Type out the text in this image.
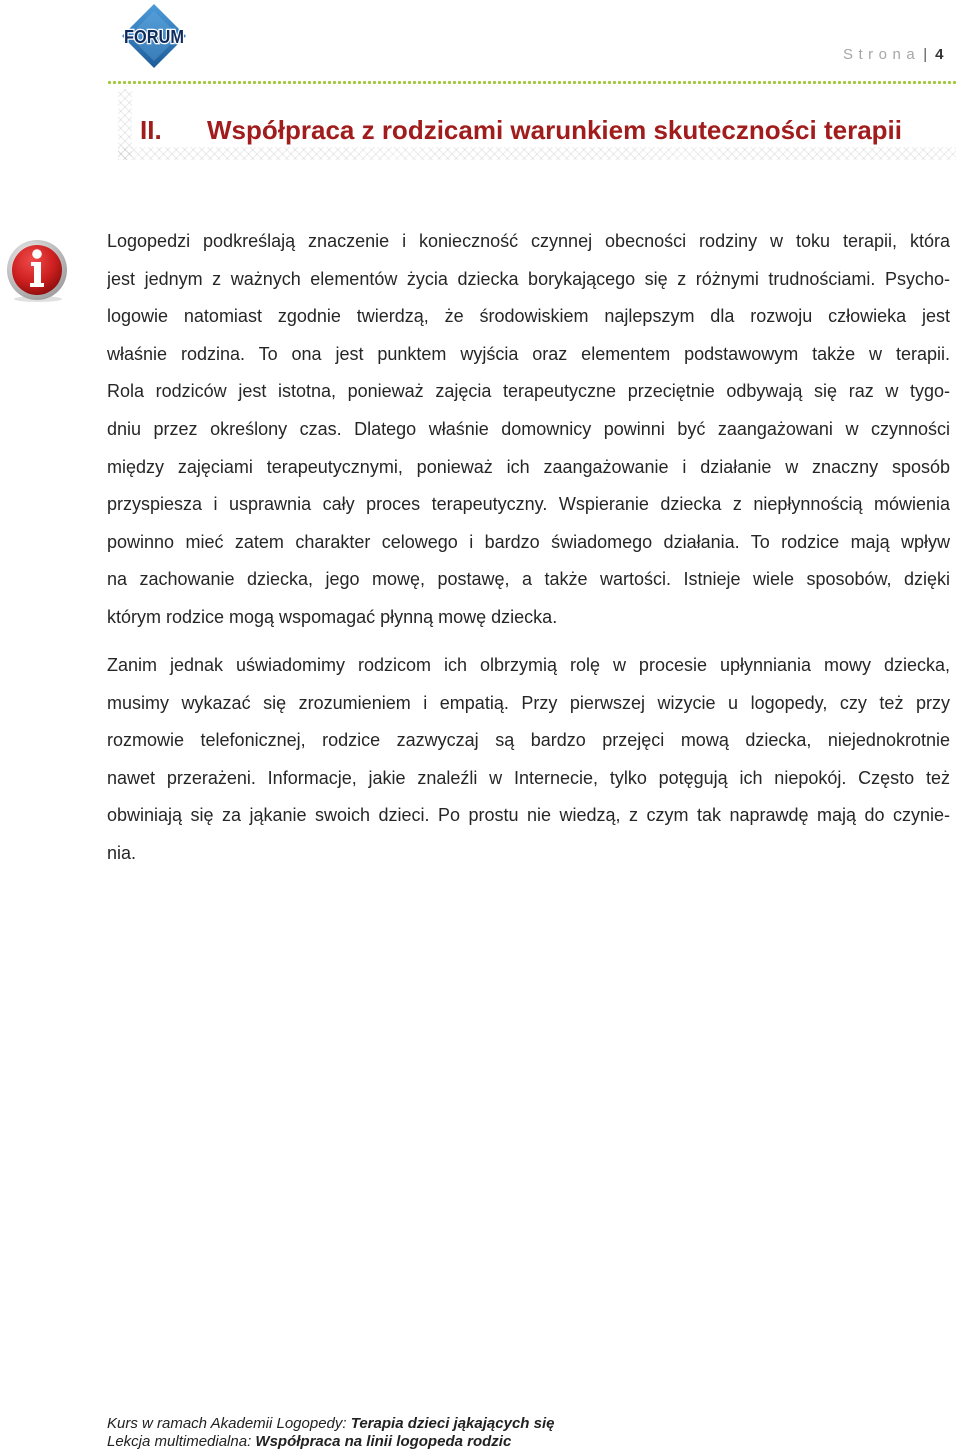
FORUM
Strona | 4
II. Współpraca z rodzicami warunkiem skuteczności terapii
Logopedzi podkreślają znaczenie i konieczność czynnej obecności rodziny w toku terapii, która
jest jednym z ważnych elementów życia dziecka borykającego się z różnymi trudnościami. Psycho-
logowie natomiast zgodnie twierdzą, że środowiskiem najlepszym dla rozwoju człowieka jest
właśnie rodzina. To ona jest punktem wyjścia oraz elementem podstawowym także w terapii.
Rola rodziców jest istotna, ponieważ zajęcia terapeutyczne przeciętnie odbywają się raz w tygo-
dniu przez określony czas. Dlatego właśnie domownicy powinni być zaangażowani w czynności
między zajęciami terapeutycznymi, ponieważ ich zaangażowanie i działanie w znaczny sposób
przyspiesza i usprawnia cały proces terapeutyczny. Wspieranie dziecka z niepłynnością mówienia
powinno mieć zatem charakter celowego i bardzo świadomego działania. To rodzice mają wpływ
na zachowanie dziecka, jego mowę, postawę, a także wartości. Istnieje wiele sposobów, dzięki
którym rodzice mogą wspomagać płynną mowę dziecka.
Zanim jednak uświadomimy rodzicom ich olbrzymią rolę w procesie upłynniania mowy dziecka,
musimy wykazać się zrozumieniem i empatią. Przy pierwszej wizycie u logopedy, czy też przy
rozmowie telefonicznej, rodzice zazwyczaj są bardzo przejęci mową dziecka, niejednokrotnie
nawet przerażeni. Informacje, jakie znaleźli w Internecie, tylko potęgują ich niepokój. Często też
obwiniają się za jąkanie swoich dzieci. Po prostu nie wiedzą, z czym tak naprawdę mają do czynie-
nia.
Kurs w ramach Akademii Logopedy: Terapia dzieci jąkających się
Lekcja multimedialna: Współpraca na linii logopeda rodzic
